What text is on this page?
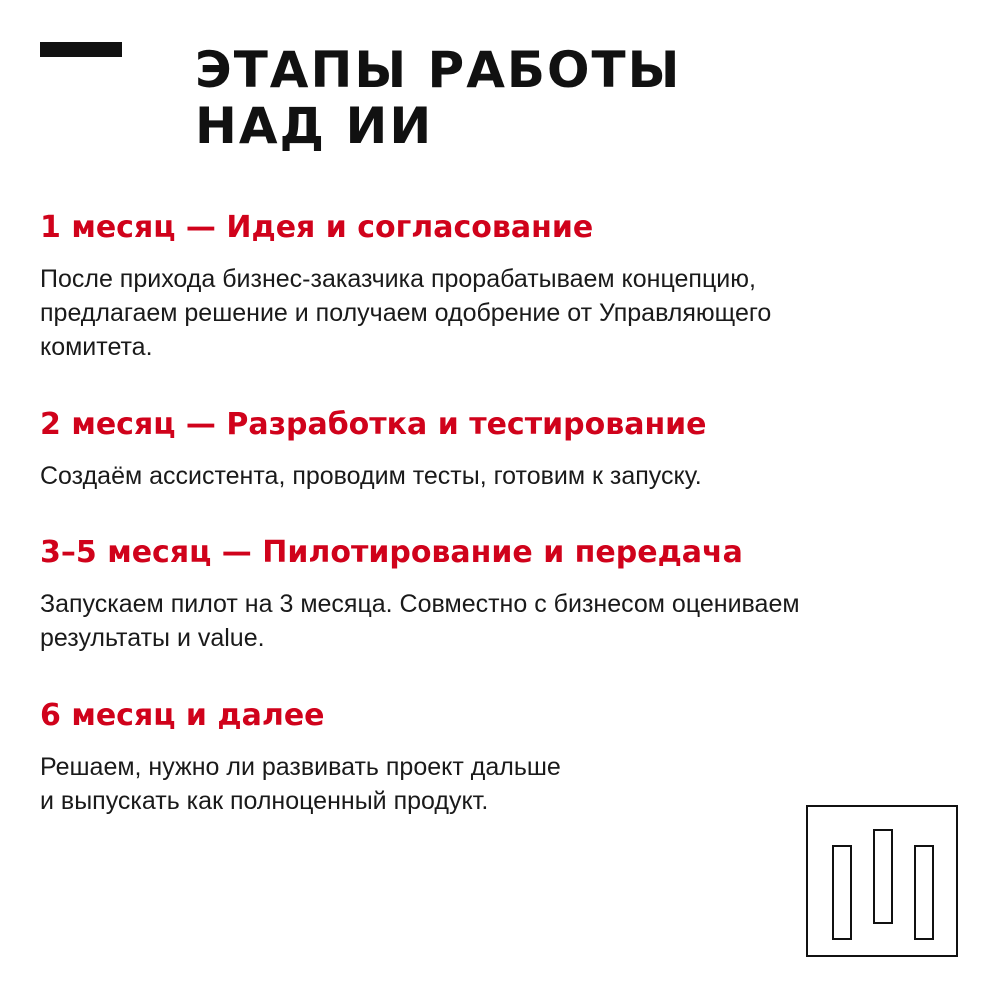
ЭТАПЫ РАБОТЫ
НАД ИИ
1 месяц — Идея и согласование

После прихода бизнес-заказчика прорабатываем концепцию,
предлагаем решение и получаем одобрение от Управляющего
комитета.

2 месяц — Разработка и тестирование

Создаём ассистента, проводим тесты, готовим к запуску.

3–5 месяц — Пилотирование и передача

Запускаем пилот на 3 месяца. Совместно с бизнесом оцениваем
результаты и value.

6 месяц и далее

Решаем, нужно ли развивать проект дальше
и выпускать как полноценный продукт.
